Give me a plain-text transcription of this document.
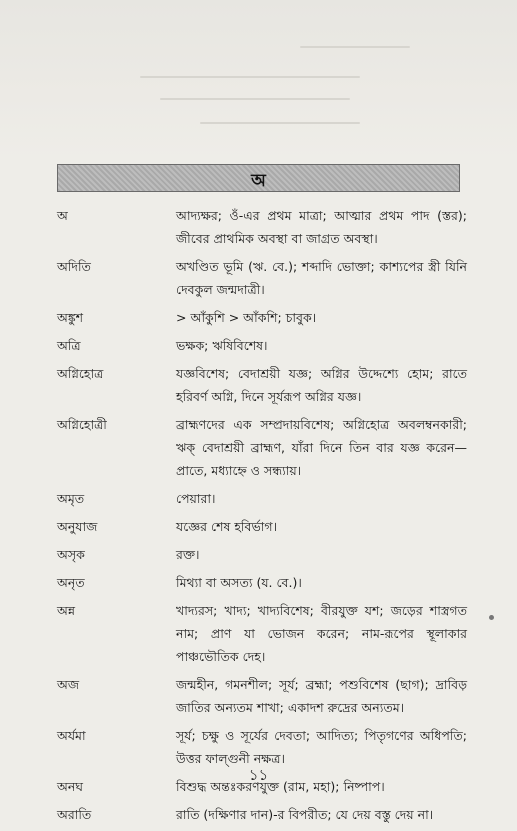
অ
অ	আদ্যক্ষর; ওঁ-এর প্রথম মাত্রা; আত্মার প্রথম পাদ (স্তর); জীবের প্রাথমিক অবস্থা বা জাগ্রত অবস্থা।
অদিতি	অখণ্ডিত ভূমি (ঋ. বে.); শব্দাদি ভোক্তা; কাশ্যপের স্ত্রী যিনি দেবকুল জন্মদাত্রী।
অঙ্কুশ	> আঁকুশি > আঁকশি; চাবুক।
অত্রি	ভক্ষক; ঋষিবিশেষ।
অগ্নিহোত্র	যজ্ঞবিশেষ; বেদাশ্রয়ী যজ্ঞ; অগ্নির উদ্দেশ্যে হোম; রাতে হরিবর্ণ অগ্নি, দিনে সূর্যরূপ অগ্নির যজ্ঞ।
অগ্নিহোত্রী	ব্রাহ্মণদের এক সম্প্রদায়বিশেষ; অগ্নিহোত্র অবলম্বনকারী; ঋক্ বেদাশ্রয়ী ব্রাহ্মণ, যাঁরা দিনে তিন বার যজ্ঞ করেন—প্রাতে, মধ্যাহ্নে ও সন্ধ্যায়।
অমৃত	পেয়ারা।
অনুযাজ	যজ্ঞের শেষ হবির্ভাগ।
অসৃক	রক্ত।
অনৃত	মিথ্যা বা অসত্য (য. বে.)।
অন্ন	খাদ্যরস; খাদ্য; খাদ্যবিশেষ; বীরযুক্ত যশ; জড়ের শাস্ত্রগত নাম; প্রাণ যা ভোজন করেন; নাম-রূপের স্থূলাকার পাঞ্চভৌতিক দেহ।
অজ	জন্মহীন, গমনশীল; সূর্য; ব্রহ্মা; পশুবিশেষ (ছাগ); দ্রাবিড় জাতির অন্যতম শাখা; একাদশ রুদ্রের অন্যতম।
অর্যমা	সূর্য; চক্ষু ও সূর্যের দেবতা; আদিত্য; পিতৃগণের অধিপতি; উত্তর ফাল্গুনী নক্ষত্র।
অনঘ	বিশুদ্ধ অন্তঃকরণযুক্ত (রাম, মহা); নিষ্পাপ।
অরাতি	রাতি (দক্ষিণার দান)-র বিপরীত; যে দেয় বস্তু দেয় না।
১১
